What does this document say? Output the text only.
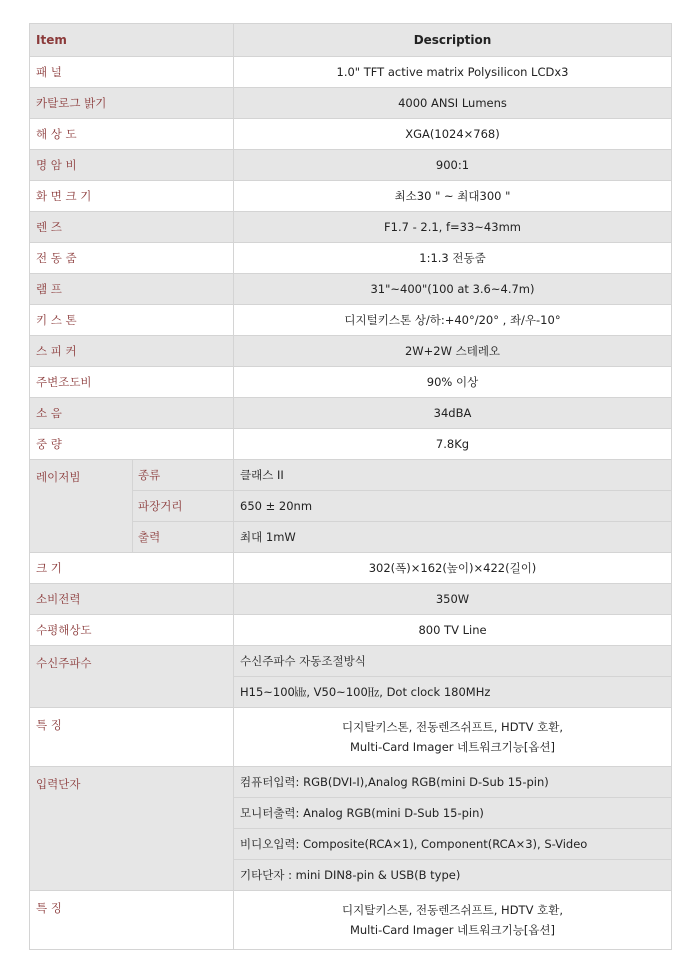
Item		Description
패 널		1.0" TFT active matrix Polysilicon LCDx3
카탈로그 밝기		4000 ANSI Lumens
해 상 도		XGA(1024×768)
명 암 비		900:1
화 면 크 기		최소30 " ~ 최대300 "
렌 즈		F1.7 - 2.1, f=33~43mm
전 동 줌		1:1.3 전동줌
램 프		31"~400"(100 at 3.6~4.7m)
키 스 톤		디지털키스톤 상/하:+40°/20° , 좌/우-10°
스 피 커		2W+2W 스테레오
주변조도비		90% 이상
소 음		34dBA
중 량		7.8Kg
레이저빔	종류	클래스 II
	파장거리	650 ± 20nm
	출력	최대 1mW
크 기		302(폭)×162(높이)×422(길이)
소비전력		350W
수평해상도		800 TV Line
수신주파수		수신주파수 자동조절방식
		H15~100㎑, V50~100㎐, Dot clock 180MHz
특 징		디지탈키스톤, 전동렌즈쉬프트, HDTV 호환,
Multi-Card Imager 네트워크기능[옵션]

입력단자		컴퓨터입력: RGB(DVI-I),Analog RGB(mini D-Sub 15-pin)
		모니터출력: Analog RGB(mini D-Sub 15-pin)
		비디오입력: Composite(RCA×1), Component(RCA×3), S-Video
		기타단자 : mini DIN8-pin & USB(B type)
특 징		디지탈키스톤, 전동렌즈쉬프트, HDTV 호환,
Multi-Card Imager 네트워크기능[옵션]
